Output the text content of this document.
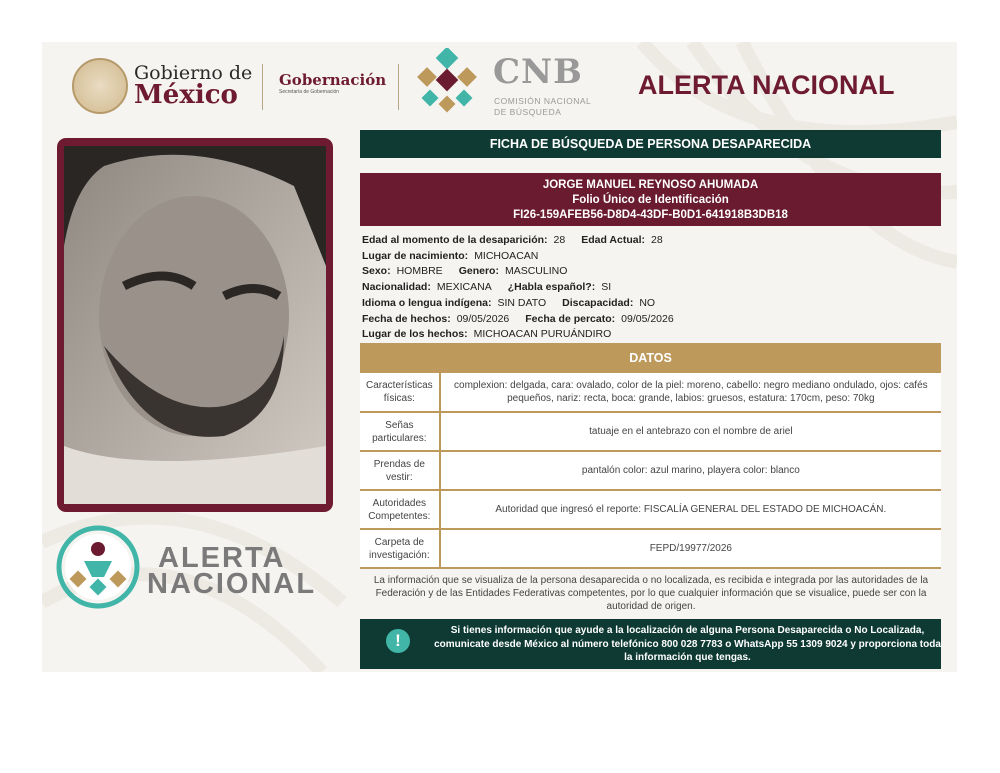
Gobierno de
México	Gobernación
Secretaría de Gobernación	CNB
COMISIÓN NACIONAL
DE BÚSQUEDA
ALERTA NACIONAL
ALERTA
NACIONAL
FICHA DE BÚSQUEDA DE PERSONA DESAPARECIDA
JORGE MANUEL REYNOSO AHUMADA
Folio Único de Identificación
FI26-159AFEB56-D8D4-43DF-B0D1-641918B3DB18
Edad al momento de la desaparición: 28 Edad Actual: 28
Lugar de nacimiento: MICHOACAN
Sexo: HOMBRE Genero: MASCULINO
Nacionalidad: MEXICANA ¿Habla español?: SI
Idioma o lengua indígena: SIN DATO Discapacidad: NO
Fecha de hechos: 09/05/2026 Fecha de percato: 09/05/2026
Lugar de los hechos: MICHOACAN PURUÁNDIRO
DATOS
Características físicas:	complexion: delgada, cara: ovalado, color de la piel: moreno, cabello: negro mediano ondulado, ojos: cafés pequeños, nariz: recta, boca: grande, labios: gruesos, estatura: 170cm, peso: 70kg
Señas particulares:	tatuaje en el antebrazo con el nombre de ariel
Prendas de vestir:	pantalón color: azul marino, playera color: blanco
Autoridades Competentes:	Autoridad que ingresó el reporte: FISCALÍA GENERAL DEL ESTADO DE MICHOACÁN.
Carpeta de investigación:	FEPD/19977/2026
La información que se visualiza de la persona desaparecida o no localizada, es recibida e integrada por las autoridades de la Federación y de las Entidades Federativas competentes, por lo que cualquier información que se visualice, puede ser con la autoridad de origen.
!
Si tienes información que ayude a la localización de alguna Persona Desaparecida o No Localizada, comunicate desde México al número telefónico 800 028 7783 o WhatsApp 55 1309 9024 y proporciona toda la información que tengas.
